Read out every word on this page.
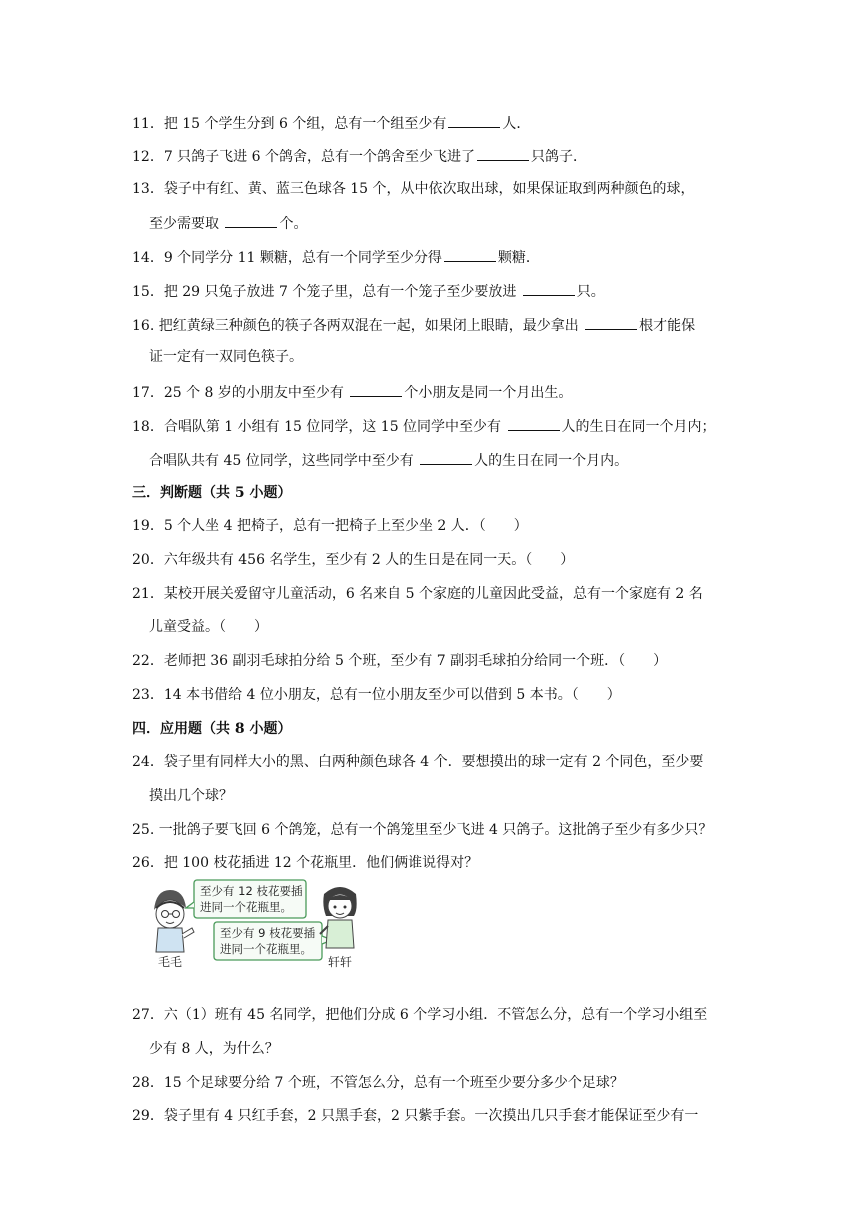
11．把 15 个学生分到 6 个组，总有一个组至少有	人．
12．7 只鸽子飞进 6 个鸽舍，总有一个鸽舍至少飞进了	只鸽子．
13．袋子中有红、黄、蓝三色球各 15 个，从中依次取出球，如果保证取到两种颜色的球，
至少需要取	个。
14．9 个同学分 11 颗糖，总有一个同学至少分得	颗糖．
15．把 29 只兔子放进 7 个笼子里，总有一个笼子至少要放进	只。
16. 把红黄绿三种颜色的筷子各两双混在一起，如果闭上眼睛，最少拿出	根才能保
证一定有一双同色筷子。
17．25 个 8 岁的小朋友中至少有	个小朋友是同一个月出生。
18．合唱队第 1 小组有 15 位同学，这 15 位同学中至少有	人的生日在同一个月内；
合唱队共有 45 位同学，这些同学中至少有	人的生日在同一个月内。
三．判断题（共 5 小题）
19．5 个人坐 4 把椅子，总有一把椅子上至少坐 2 人．（　　）
20．六年级共有 456 名学生，至少有 2 人的生日是在同一天。（　　）
21．某校开展关爱留守儿童活动，6 名来自 5 个家庭的儿童因此受益，总有一个家庭有 2 名
儿童受益。（　　）
22．老师把 36 副羽毛球拍分给 5 个班，至少有 7 副羽毛球拍分给同一个班．（　　）
23．14 本书借给 4 位小朋友，总有一位小朋友至少可以借到 5 本书。（　　）
四．应用题（共 8 小题）
24．袋子里有同样大小的黑、白两种颜色球各 4 个．要想摸出的球一定有 2 个同色，至少要
摸出几个球？
25. 一批鸽子要飞回 6 个鸽笼，总有一个鸽笼里至少飞进 4 只鸽子。这批鸽子至少有多少只？
26．把 100 枝花插进 12 个花瓶里．他们俩谁说得对？
毛毛
至少有 12 枝花要插
进同一个花瓶里。
至少有 9 枝花要插
进同一个花瓶里。
轩轩
27．六（1）班有 45 名同学，把他们分成 6 个学习小组．不管怎么分，总有一个学习小组至
少有 8 人，为什么？
28．15 个足球要分给 7 个班，不管怎么分，总有一个班至少要分多少个足球？
29．袋子里有 4 只红手套，2 只黑手套，2 只紫手套。一次摸出几只手套才能保证至少有一
